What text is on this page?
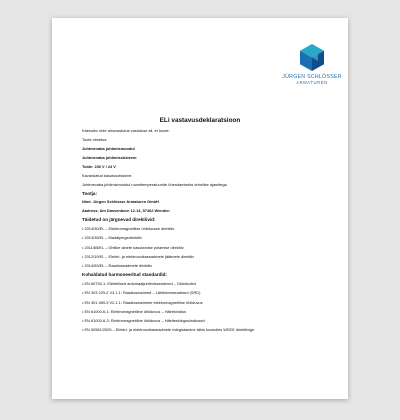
JÜRGEN SCHLÖSSER
ARMATUREN
ELi vastavusdeklaratsioon

Käesolev ohte ainuvastutus vastutuse all, et toode:

Toote nimetus:

Juhtmevaba juhtimismoodul

Juhtmevaba juhtimissüsteem

Toide: 230 V / 24 V

Kavandatud kasutusotstarve:

Juhtmevaba juhtimismoodul ruumitemperatuuride ühendamiseks tehnilise ajamitega

Tootja:

Nimi: Jürgen Schlösser Armaturen GmbH

Aadress: Am Dassenborn 12-14, 57462 Wenden

Täidetud on järgnevad direktiivid:
• 2014/30/EL – Elektromagnetilise ühilduvuse direktiiv
• 2014/35/EL – Madalpingedirektiiv
• 2011/65/EL – Ohtlike ainete kasutamise piiramise direktiiv
• 2012/19/EL – Elektri- ja elektroonikaseadmete jäätmete direktiiv
• 2014/53/EL – Raadioseadmete direktiiv
Kohaldatud harmoneeritud standardid:
• EN 60730-1: Elektrilised automaatjuhtimisseadmed – Üldnõuded
• EN 303 229-2 V3.1.1: Raadioseadmed – Lähitoimeseadmed (SRD)
• EN 301 489-3 V2.1.1: Raadioseadmete elektromagnetiline ühilduvus
• EN 61000-6-1: Elektromagnetiline ühilduvus – Häirekindlus
• EN 61000-6-3: Elektromagnetiline ühilduvus – Häiriteskiirgus/esitused
• EN 50581/2005 – Elektri- ja elektroonikaseadmete märgistamine tähis koosolles WEEE direktiivige
